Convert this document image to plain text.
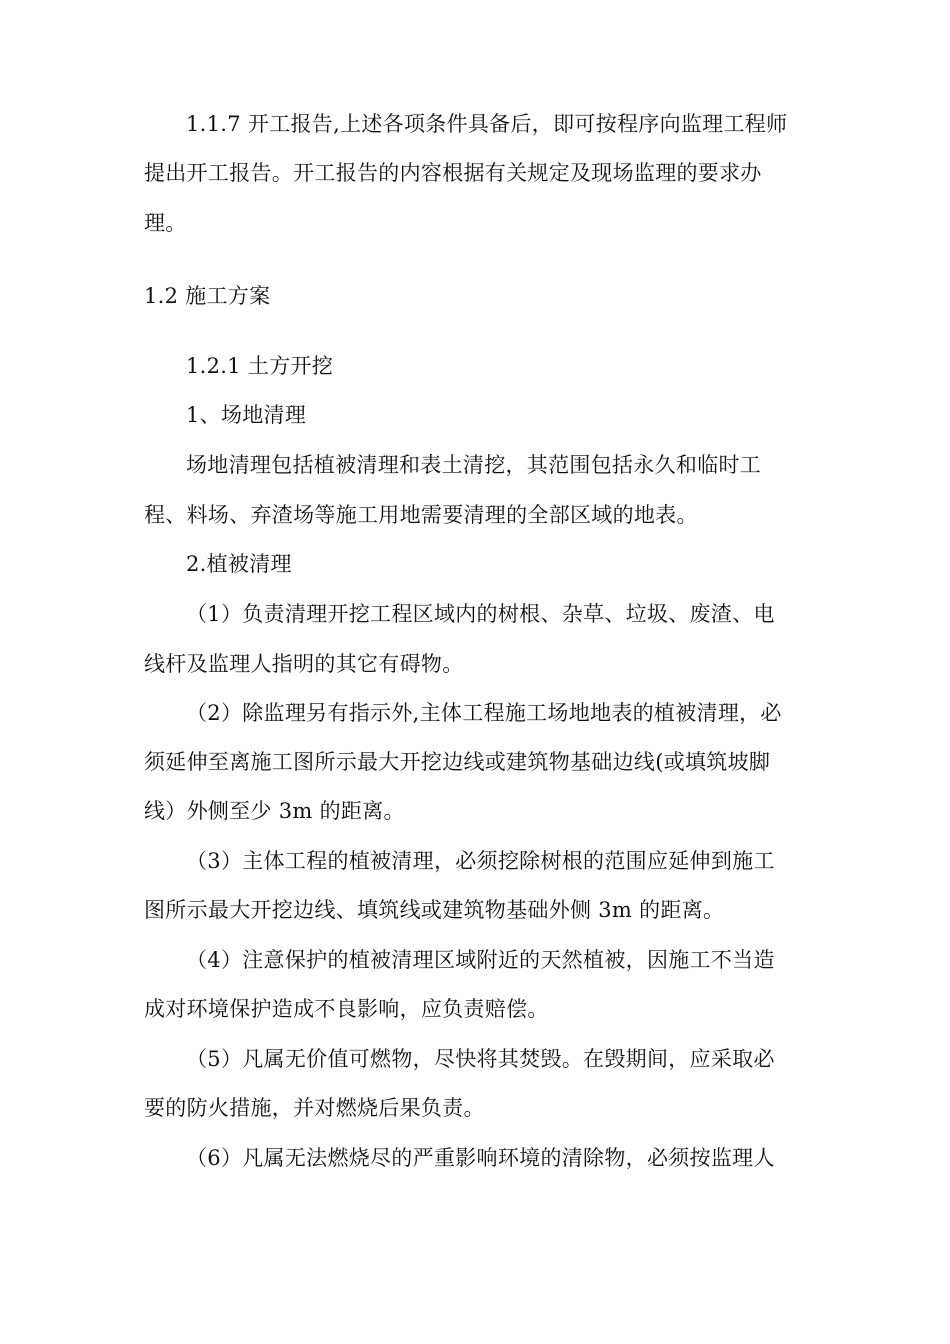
1.1.7 开工报告,上述各项条件具备后，即可按程序向监理工程师
提出开工报告。开工报告的内容根据有关规定及现场监理的要求办
理。
1.2 施工方案
1.2.1 土方开挖
1、场地清理
场地清理包括植被清理和表土清挖，其范围包括永久和临时工
程、料场、弃渣场等施工用地需要清理的全部区域的地表。
2.植被清理
（1）负责清理开挖工程区域内的树根、杂草、垃圾、废渣、电
线杆及监理人指明的其它有碍物。
（2）除监理另有指示外,主体工程施工场地地表的植被清理，必
须延伸至离施工图所示最大开挖边线或建筑物基础边线(或填筑坡脚
线）外侧至少 3m 的距离。
（3）主体工程的植被清理，必须挖除树根的范围应延伸到施工
图所示最大开挖边线、填筑线或建筑物基础外侧 3m 的距离。
（4）注意保护的植被清理区域附近的天然植被，因施工不当造
成对环境保护造成不良影响，应负责赔偿。
（5）凡属无价值可燃物，尽快将其焚毁。在毁期间，应采取必
要的防火措施，并对燃烧后果负责。
（6）凡属无法燃烧尽的严重影响环境的清除物，必须按监理人
